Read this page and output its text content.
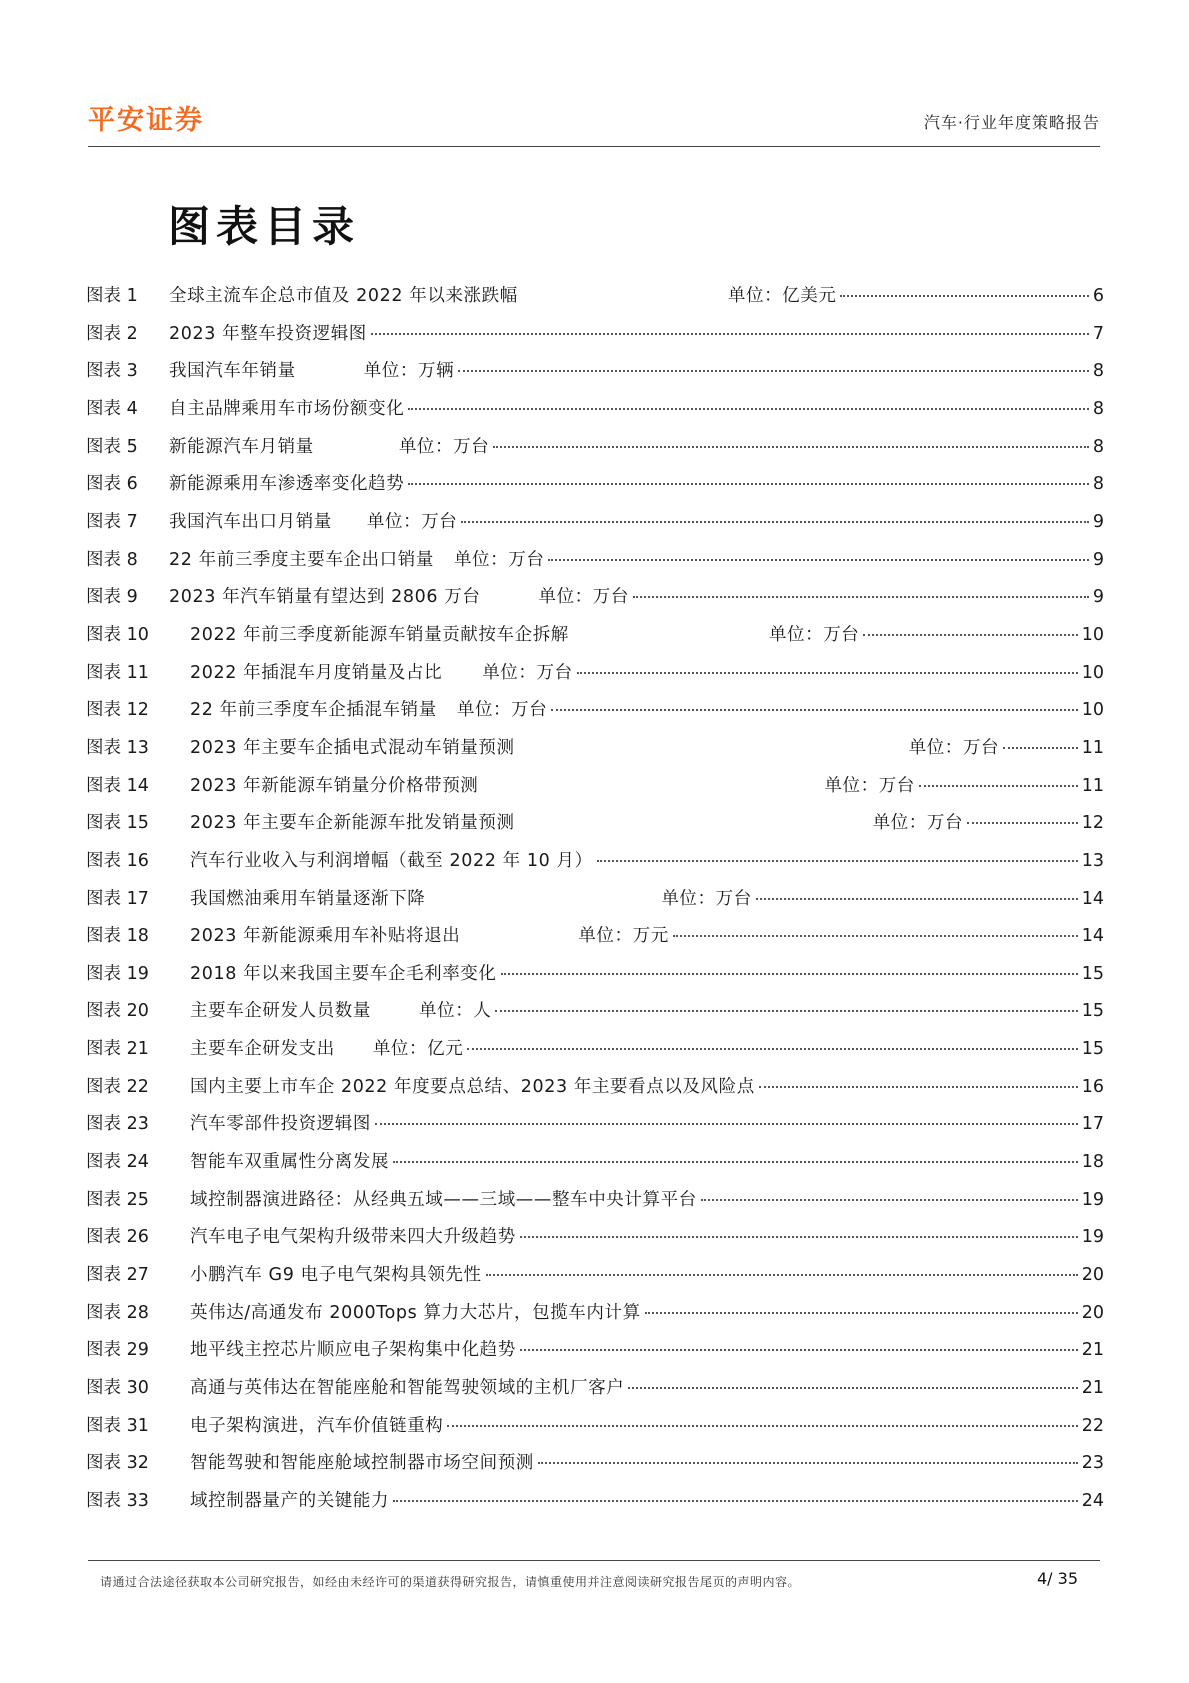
平安证券	汽车·行业年度策略报告
图表目录
图表 1 全球主流车企总市值及 2022 年以来涨跌幅	单位：亿美元	6
图表 2 2023 年整车投资逻辑图	7
图表 3 我国汽车年销量	单位：万辆	8
图表 4 自主品牌乘用车市场份额变化	8
图表 5 新能源汽车月销量	单位：万台	8
图表 6 新能源乘用车渗透率变化趋势	8
图表 7 我国汽车出口月销量 单位：万台	9
图表 8 22 年前三季度主要车企出口销量 单位：万台	9
图表 9 2023 年汽车销量有望达到 2806 万台	单位：万台	9
图表 10 2022 年前三季度新能源车销量贡献按车企拆解	单位：万台	10
图表 11 2022 年插混车月度销量及占比 单位：万台	10
图表 12 22 年前三季度车企插混车销量 单位：万台	10
图表 13 2023 年主要车企插电式混动车销量预测	单位：万台	11
图表 14 2023 年新能源车销量分价格带预测	单位：万台	11
图表 15 2023 年主要车企新能源车批发销量预测	单位：万台	12
图表 16 汽车行业收入与利润增幅（截至 2022 年 10 月）	13
图表 17 我国燃油乘用车销量逐渐下降	单位：万台	14
图表 18 2023 年新能源乘用车补贴将退出	单位：万元	14
图表 19 2018 年以来我国主要车企毛利率变化	15
图表 20 主要车企研发人员数量	单位：人	15
图表 21 主要车企研发支出 单位：亿元	15
图表 22 国内主要上市车企 2022 年度要点总结、2023 年主要看点以及风险点	16
图表 23 汽车零部件投资逻辑图	17
图表 24 智能车双重属性分离发展	18
图表 25 域控制器演进路径：从经典五域——三域——整车中央计算平台	19
图表 26 汽车电子电气架构升级带来四大升级趋势	19
图表 27 小鹏汽车 G9 电子电气架构具领先性	20
图表 28 英伟达/高通发布 2000Tops 算力大芯片，包揽车内计算	20
图表 29 地平线主控芯片顺应电子架构集中化趋势	21
图表 30 高通与英伟达在智能座舱和智能驾驶领域的主机厂客户	21
图表 31 电子架构演进，汽车价值链重构	22
图表 32 智能驾驶和智能座舱域控制器市场空间预测	23
图表 33 域控制器量产的关键能力	24
请通过合法途径获取本公司研究报告，如经由未经许可的渠道获得研究报告，请慎重使用并注意阅读研究报告尾页的声明内容。	4/ 35
